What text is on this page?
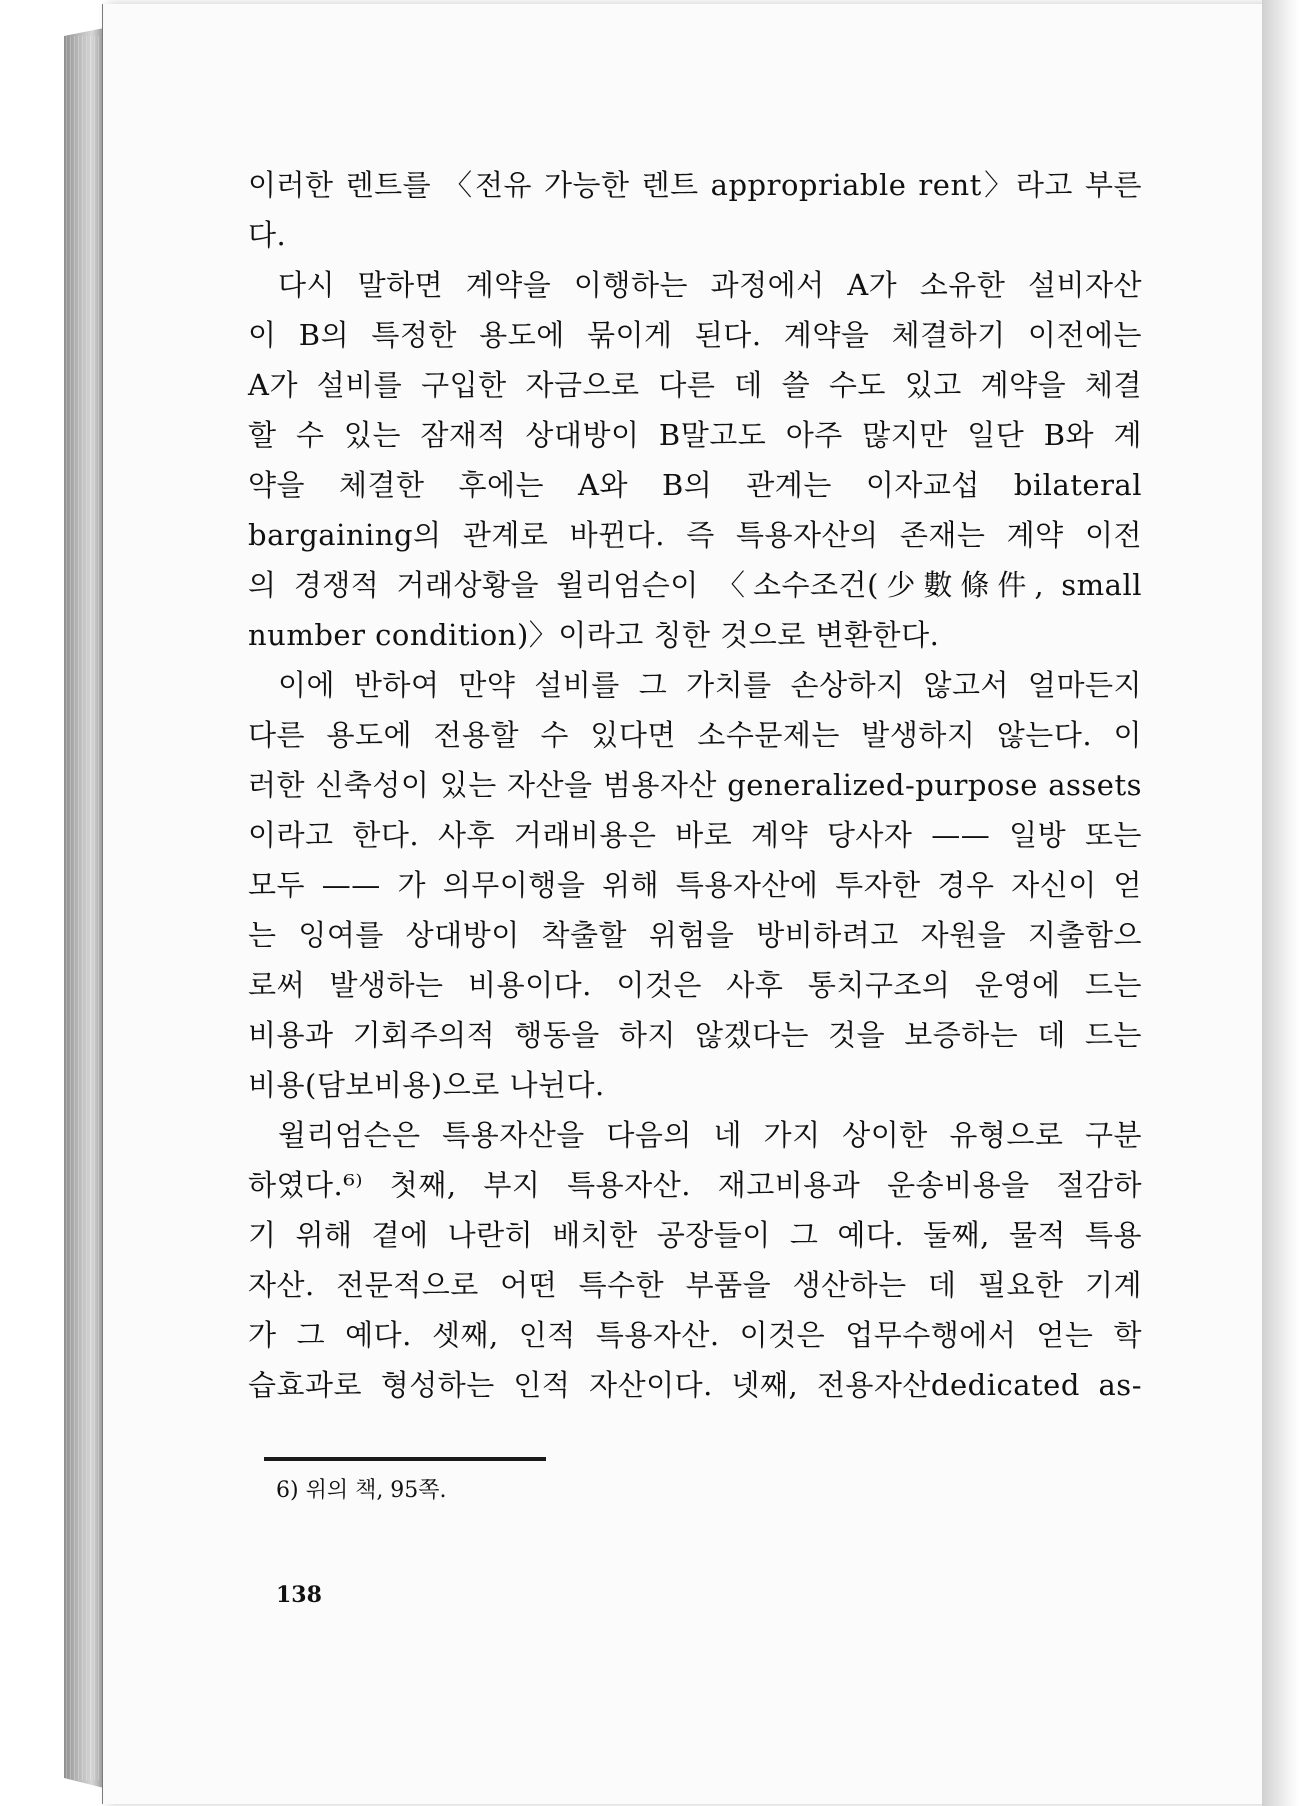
이러한 렌트를 〈전유 가능한 렌트 appropriable rent〉라고 부른
다.
다시 말하면 계약을 이행하는 과정에서 A가 소유한 설비자산
이 B의 특정한 용도에 묶이게 된다. 계약을 체결하기 이전에는
A가 설비를 구입한 자금으로 다른 데 쓸 수도 있고 계약을 체결
할 수 있는 잠재적 상대방이 B말고도 아주 많지만 일단 B와 계
약을 체결한 후에는 A와 B의 관계는 이자교섭 bilateral
bargaining의 관계로 바뀐다. 즉 특용자산의 존재는 계약 이전
의 경쟁적 거래상황을 윌리엄슨이 〈소수조건(少數條件, small
number condition)〉이라고 칭한 것으로 변환한다.
이에 반하여 만약 설비를 그 가치를 손상하지 않고서 얼마든지
다른 용도에 전용할 수 있다면 소수문제는 발생하지 않는다. 이
러한 신축성이 있는 자산을 범용자산 generalized-purpose assets
이라고 한다. 사후 거래비용은 바로 계약 당사자 —— 일방 또는
모두 —— 가 의무이행을 위해 특용자산에 투자한 경우 자신이 얻
는 잉여를 상대방이 착출할 위험을 방비하려고 자원을 지출함으
로써 발생하는 비용이다. 이것은 사후 통치구조의 운영에 드는
비용과 기회주의적 행동을 하지 않겠다는 것을 보증하는 데 드는
비용(담보비용)으로 나뉜다.
윌리엄슨은 특용자산을 다음의 네 가지 상이한 유형으로 구분
하였다.⁶⁾ 첫째, 부지 특용자산. 재고비용과 운송비용을 절감하
기 위해 곁에 나란히 배치한 공장들이 그 예다. 둘째, 물적 특용
자산. 전문적으로 어떤 특수한 부품을 생산하는 데 필요한 기계
가 그 예다. 셋째, 인적 특용자산. 이것은 업무수행에서 얻는 학
습효과로 형성하는 인적 자산이다. 넷째, 전용자산dedicated as-
6) 위의 책, 95쪽.
138
